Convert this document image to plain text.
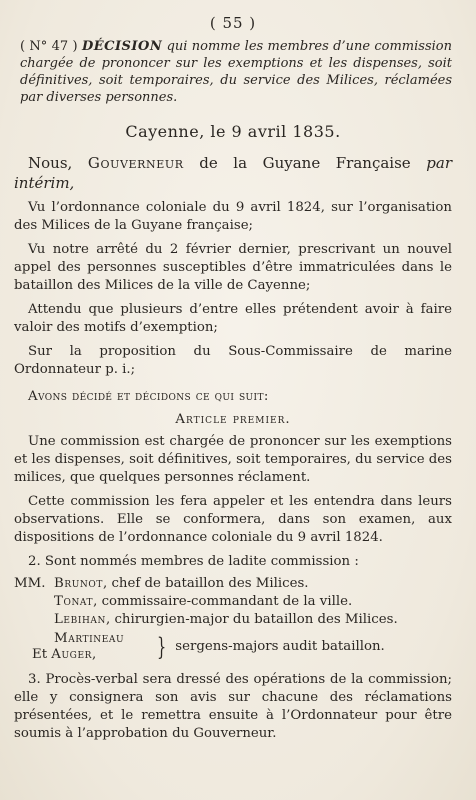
( 55 )
( N° 47 ) DÉCISION qui nomme les membres d’une commission chargée de prononcer sur les exemptions et les dispenses, soit définitives, soit temporaires, du service des Milices, réclamées par diverses personnes.
Cayenne, le 9 avril 1835.

Nous, Gouverneur de la Guyane Française par intérim,

Vu l’ordonnance coloniale du 9 avril 1824, sur l’organisation des Milices de la Guyane française;

Vu notre arrêté du 2 février dernier, prescrivant un nouvel appel des personnes susceptibles d’être immatriculées dans le bataillon des Milices de la ville de Cayenne;

Attendu que plusieurs d’entre elles prétendent avoir à faire valoir des motifs d’exemption;

Sur la proposition du Sous-Commissaire de marine Ordonnateur p. i.;

Avons décidé et décidons ce qui suit:

Article premier.

Une commission est chargée de prononcer sur les exemptions et les dispenses, soit définitives, soit temporaires, du service des milices, que quelques personnes réclament.

Cette commission les fera appeler et les entendra dans leurs observations. Elle se conformera, dans son examen, aux dispositions de l’ordonnance coloniale du 9 avril 1824.

2. Sont nommés membres de ladite commission :

MM. Brunot, chef de bataillon des Milices.
Tonat, commissaire-commandant de la ville.
Lebihan, chirurgien-major du bataillon des Milices.
Martineau
Et Auger,	} sergens-majors audit bataillon.

3. Procès-verbal sera dressé des opérations de la commission; elle y consignera son avis sur chacune des réclamations présentées, et le remettra ensuite à l’Ordonnateur pour être soumis à l’approbation du Gouverneur.
